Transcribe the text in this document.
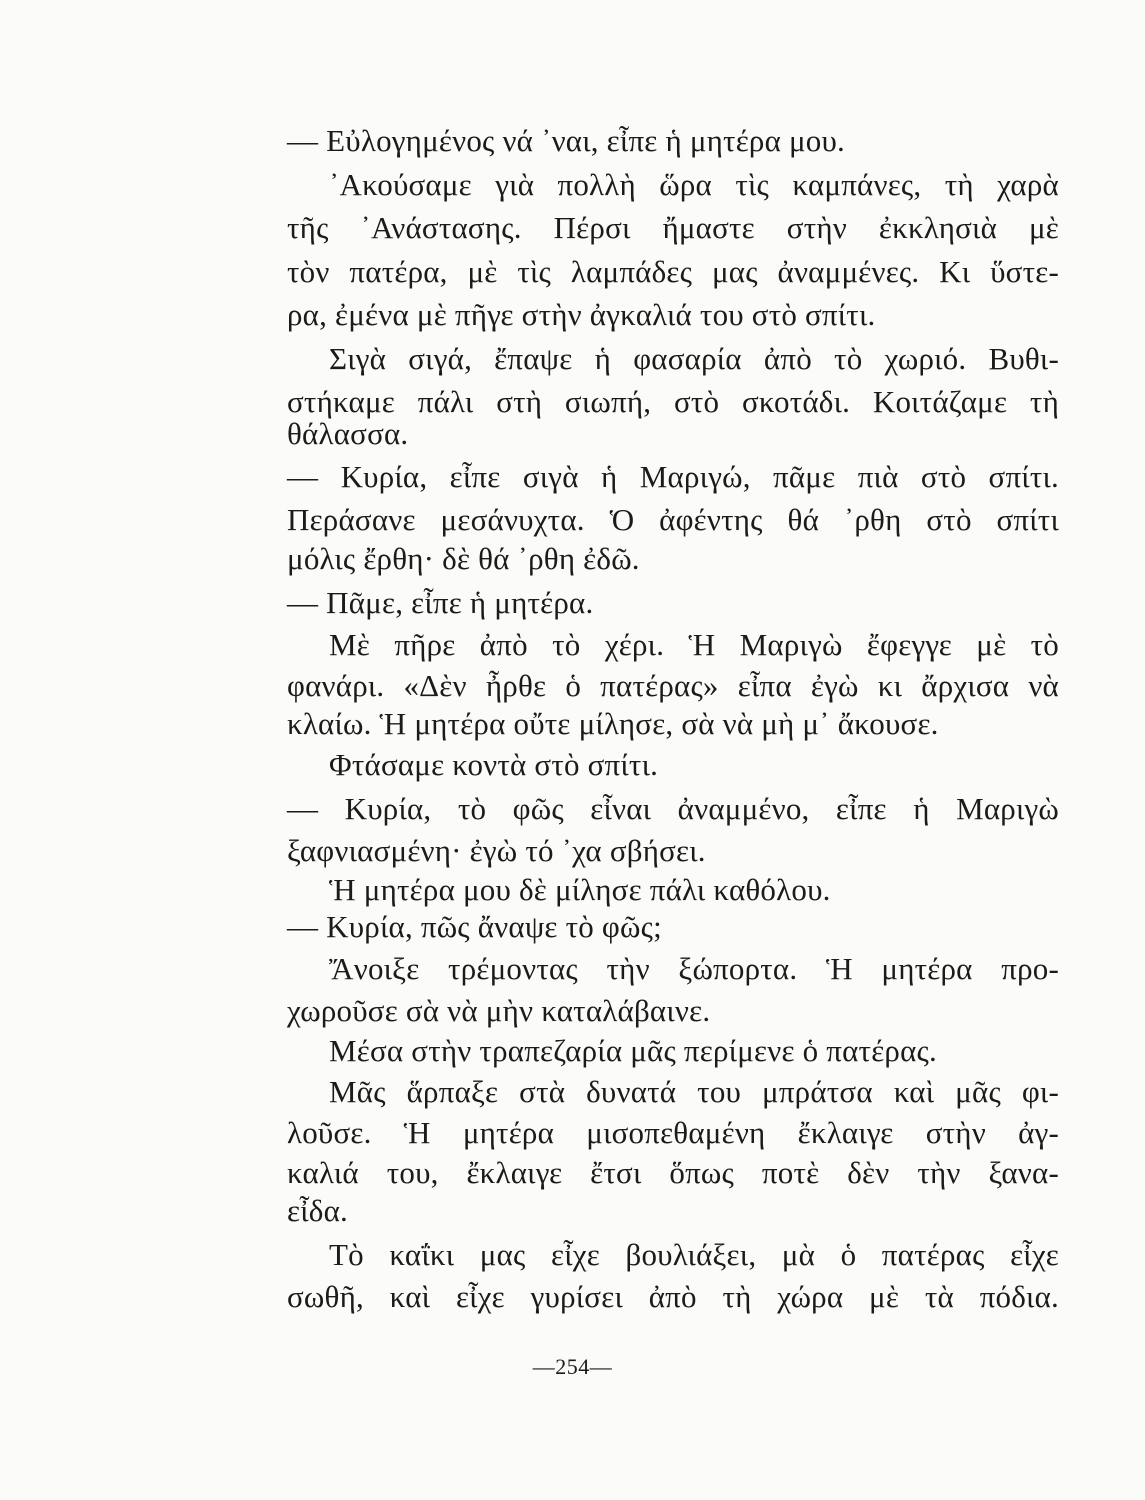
— Εὐλογημένος νά ᾿ναι, εἶπε ἡ μητέρα μου.
᾿Ακούσαμε γιὰ πολλὴ ὥρα τὶς καμπάνες, τὴ χαρὰ
τῆς ᾿Ανάστασης. Πέρσι ἤμαστε στὴν ἐκκλησιὰ μὲ
τὸν πατέρα, μὲ τὶς λαμπάδες μας ἀναμμένες. Κι ὕστε-
ρα, ἐμένα μὲ πῆγε στὴν ἀγκαλιά του στὸ σπίτι.
Σιγὰ σιγά, ἔπαψε ἡ φασαρία ἀπὸ τὸ χωριό. Βυθι-
στήκαμε πάλι στὴ σιωπή, στὸ σκοτάδι. Κοιτάζαμε τὴ
θάλασσα.
— Κυρία, εἶπε σιγὰ ἡ Μαριγώ, πᾶμε πιὰ στὸ σπίτι.
Περάσανε μεσάνυχτα. Ὁ ἀφέντης θά ᾿ρθη στὸ σπίτι
μόλις ἔρθη· δὲ θά ᾿ρθη ἐδῶ.
— Πᾶμε, εἶπε ἡ μητέρα.
Μὲ πῆρε ἀπὸ τὸ χέρι. Ἡ Μαριγὼ ἔφεγγε μὲ τὸ
φανάρι. «Δὲν ἦρθε ὁ πατέρας» εἶπα ἐγὼ κι ἄρχισα νὰ
κλαίω. Ἡ μητέρα οὔτε μίλησε, σὰ νὰ μὴ μ᾿ ἄκουσε.
Φτάσαμε κοντὰ στὸ σπίτι.
— Κυρία, τὸ φῶς εἶναι ἀναμμένο, εἶπε ἡ Μαριγὼ
ξαφνιασμένη· ἐγὼ τό ᾿χα σβήσει.
Ἡ μητέρα μου δὲ μίλησε πάλι καθόλου.
— Κυρία, πῶς ἄναψε τὸ φῶς;
Ἄνοιξε τρέμοντας τὴν ξώπορτα. Ἡ μητέρα προ-
χωροῦσε σὰ νὰ μὴν καταλάβαινε.
Μέσα στὴν τραπεζαρία μᾶς περίμενε ὁ πατέρας.
Μᾶς ἅρπαξε στὰ δυνατά του μπράτσα καὶ μᾶς φι-
λοῦσε. Ἡ μητέρα μισοπεθαμένη ἔκλαιγε στὴν ἀγ-
καλιά του, ἔκλαιγε ἔτσι ὅπως ποτὲ δὲν τὴν ξανα-
εἶδα.
Τὸ καΐκι μας εἶχε βουλιάξει, μὰ ὁ πατέρας εἶχε
σωθῆ, καὶ εἶχε γυρίσει ἀπὸ τὴ χώρα μὲ τὰ πόδια.
—254—
